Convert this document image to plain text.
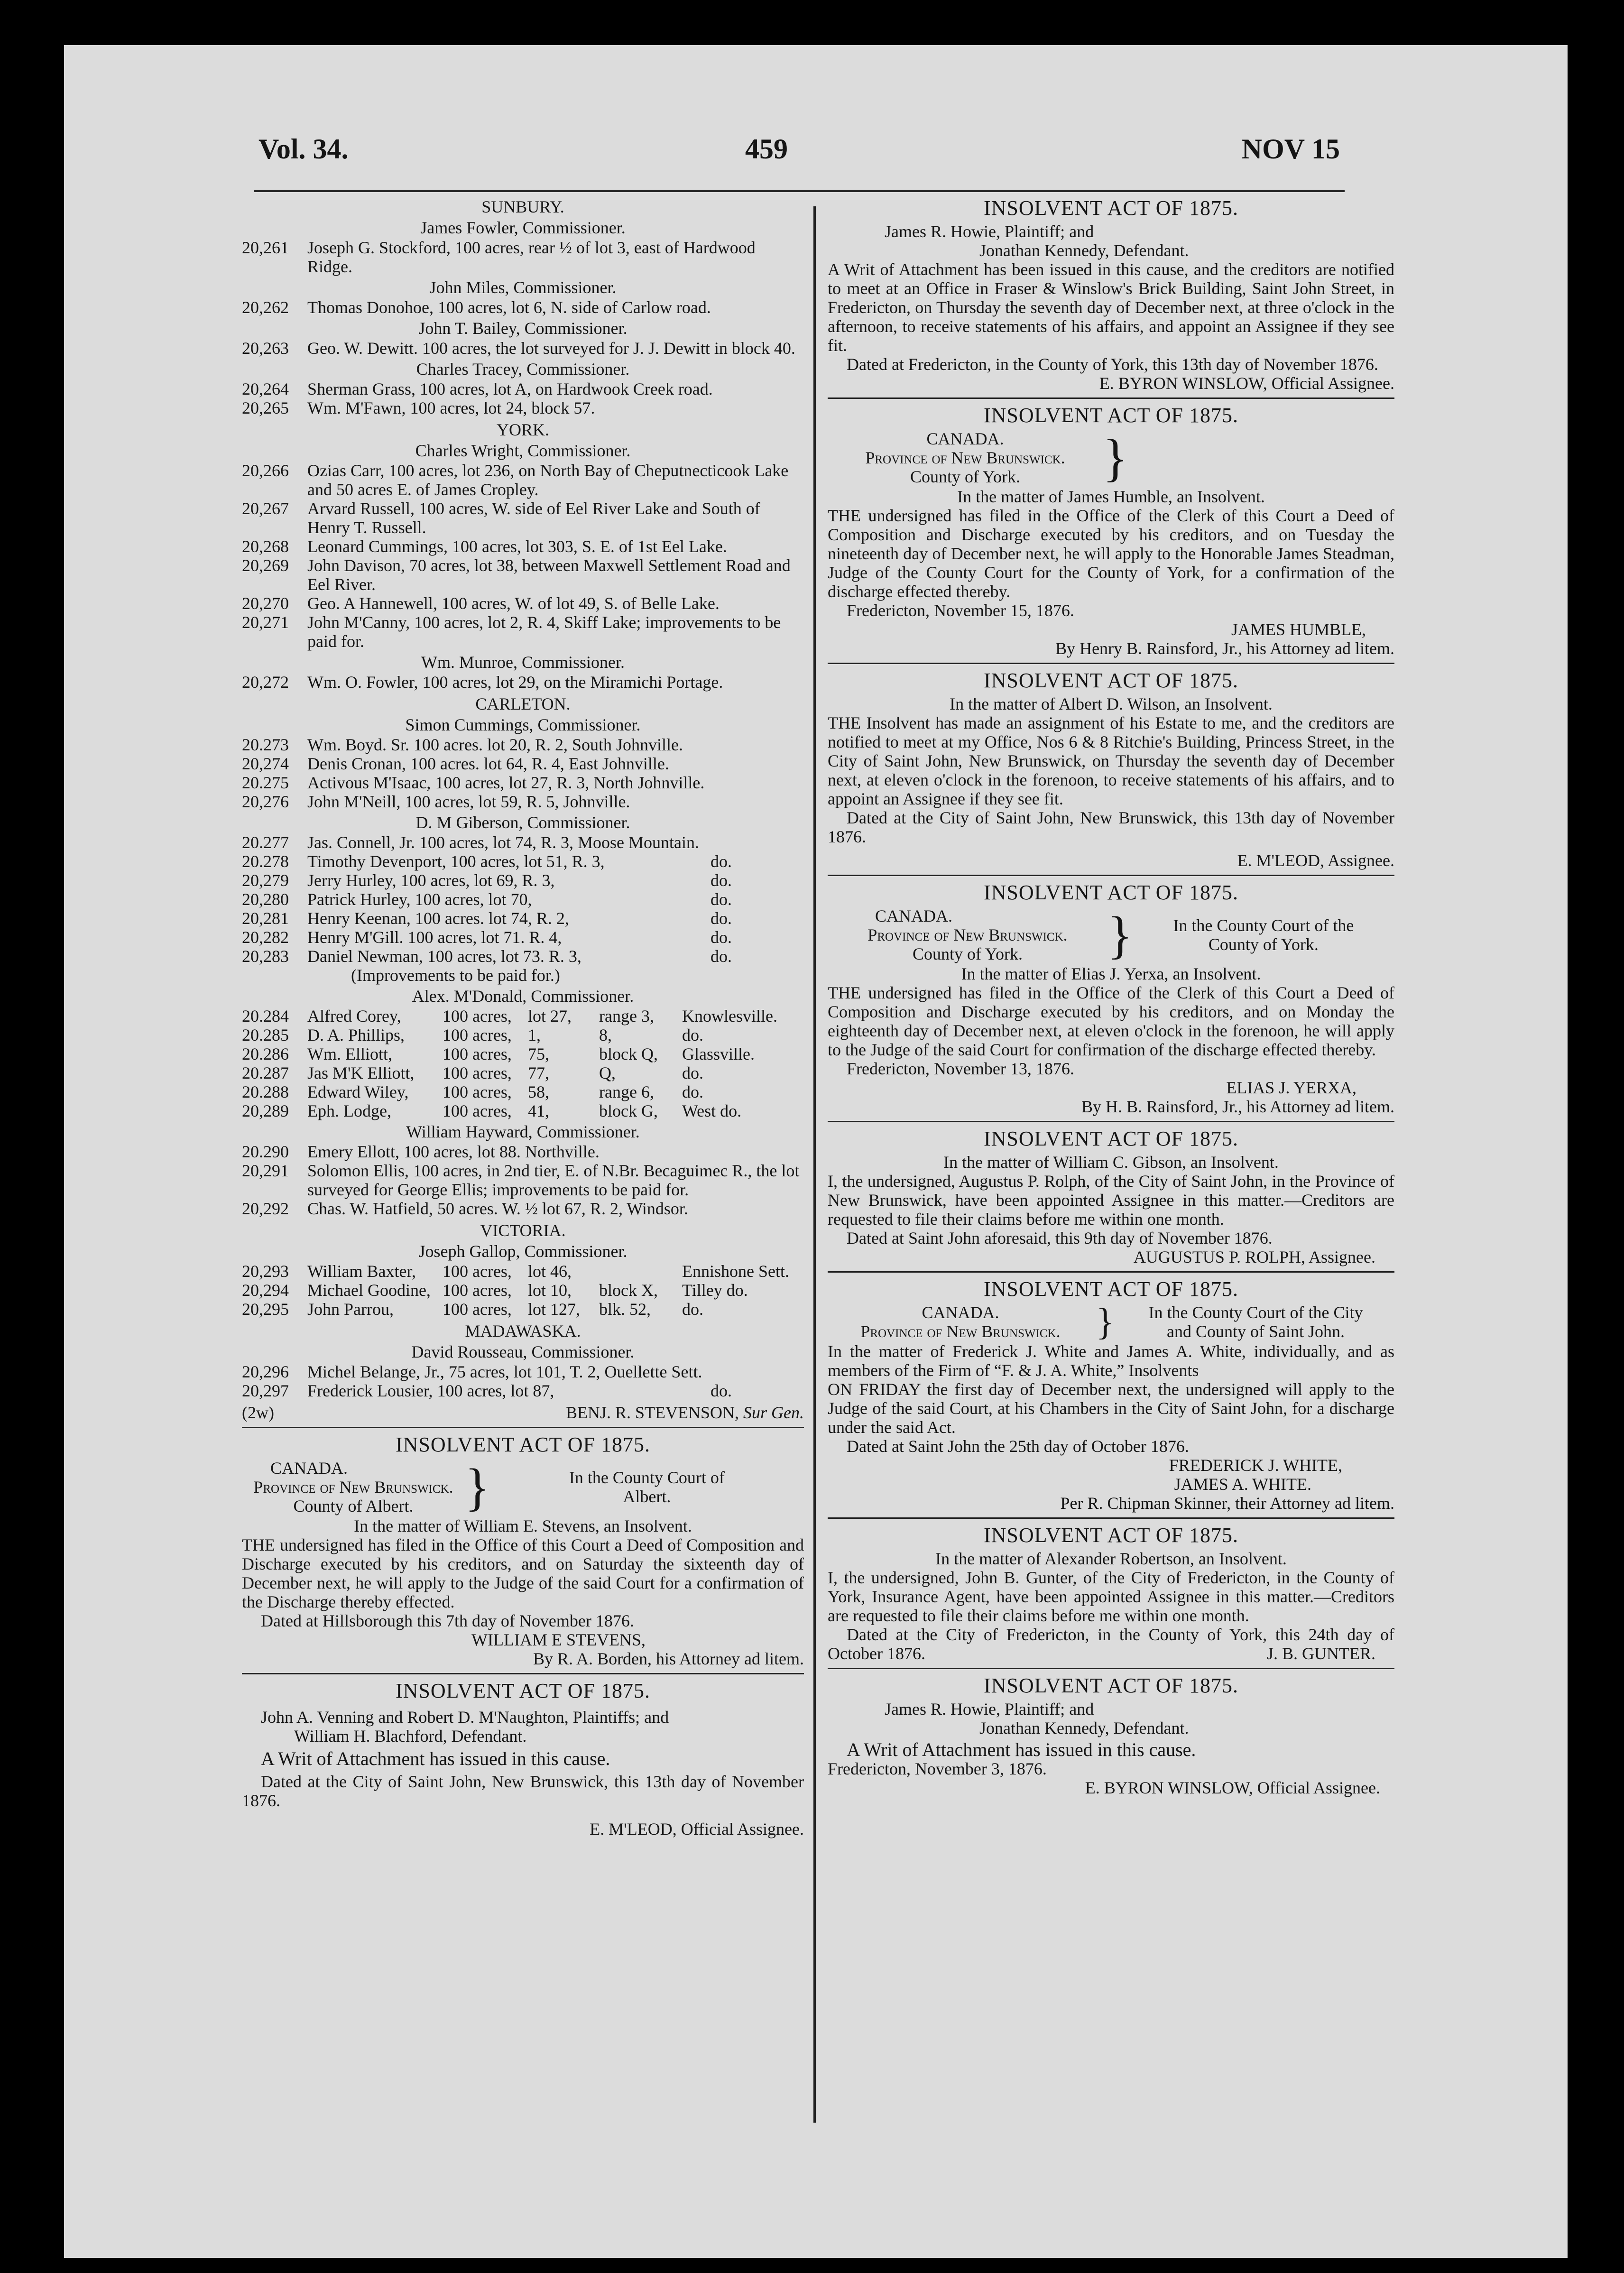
Vol. 34.	459	NOV 15
SUNBURY.
James Fowler, Commissioner.
20,261	Joseph G. Stockford, 100 acres, rear ½ of lot 3, east of Hardwood Ridge.
John Miles, Commissioner.
20,262	Thomas Donohoe, 100 acres, lot 6, N. side of Carlow road.
John T. Bailey, Commissioner.
20,263	Geo. W. Dewitt. 100 acres, the lot surveyed for J. J. Dewitt in block 40.
Charles Tracey, Commissioner.
20,264	Sherman Grass, 100 acres, lot A, on Hardwook Creek road.
20,265	Wm. M'Fawn, 100 acres, lot 24, block 57.
YORK.
Charles Wright, Commissioner.
20,266	Ozias Carr, 100 acres, lot 236, on North Bay of Cheputnecticook Lake and 50 acres E. of James Cropley.
20,267	Arvard Russell, 100 acres, W. side of Eel River Lake and South of Henry T. Russell.
20,268	Leonard Cummings, 100 acres, lot 303, S. E. of 1st Eel Lake.
20,269	John Davison, 70 acres, lot 38, between Maxwell Settlement Road and Eel River.
20,270	Geo. A Hannewell, 100 acres, W. of lot 49, S. of Belle Lake.
20,271	John M'Canny, 100 acres, lot 2, R. 4, Skiff Lake; improvements to be paid for.
Wm. Munroe, Commissioner.
20,272	Wm. O. Fowler, 100 acres, lot 29, on the Miramichi Portage.
CARLETON.
Simon Cummings, Commissioner.
20.273	Wm. Boyd. Sr. 100 acres. lot 20, R. 2, South Johnville.
20,274	Denis Cronan, 100 acres. lot 64, R. 4, East Johnville.
20.275	Activous M'Isaac, 100 acres, lot 27, R. 3, North Johnville.
20,276	John M'Neill, 100 acres, lot 59, R. 5, Johnville.
D. M Giberson, Commissioner.
20.277	Jas. Connell, Jr. 100 acres, lot 74, R. 3, Moose Mountain.
20.278	Timothy Devenport, 100 acres, lot 51, R. 3,	do.
20,279	Jerry Hurley, 100 acres, lot 69, R. 3,	do.
20,280	Patrick Hurley, 100 acres, lot 70,	do.
20,281	Henry Keenan, 100 acres. lot 74, R. 2,	do.
20,282	Henry M'Gill. 100 acres, lot 71. R. 4,	do.
20,283	Daniel Newman, 100 acres, lot 73. R. 3,	do.
(Improvements to be paid for.)
Alex. M'Donald, Commissioner.
20.284	Alfred Corey,	100 acres, lot 27,	range 3,	Knowlesville.
20.285	D. A. Phillips,	100 acres, 1,	8,	do.
20.286	Wm. Elliott,	100 acres, 75,	block Q,	Glassville.
20.287	Jas M'K Elliott,	100 acres, 77,	Q,	do.
20.288	Edward Wiley,	100 acres, 58,	range 6,	do.
20,289	Eph. Lodge,	100 acres, 41,	block G,	West do.
William Hayward, Commissioner.
20.290	Emery Ellott, 100 acres, lot 88. Northville.
20,291	Solomon Ellis, 100 acres, in 2nd tier, E. of N.Br. Becaguimec R., the lot surveyed for George Ellis; improvements to be paid for.
20,292	Chas. W. Hatfield, 50 acres. W. ½ lot 67, R. 2, Windsor.
VICTORIA.
Joseph Gallop, Commissioner.
20,293	William Baxter,	100 acres, lot 46,	Ennishone Sett.
20,294	Michael Goodine, 100 acres, lot 10,	block X,	Tilley do.
20,295	John Parrou,	100 acres, lot 127,	blk. 52,	do.
MADAWASKA.
David Rousseau, Commissioner.
20,296	Michel Belange, Jr., 75 acres, lot 101, T. 2, Ouellette Sett.
20,297	Frederick Lousier, 100 acres, lot 87,	do.
(2w)	BENJ. R. STEVENSON, Sur Gen.
INSOLVENT ACT OF 1875.
CANADA.
Province of New Brunswick.
County of Albert. }	In the County Court of
Albert.
In the matter of William E. Stevens, an Insolvent.
THE undersigned has filed in the Office of this Court a Deed of Composition and Discharge executed by his creditors, and on Saturday the sixteenth day of December next, he will apply to the Judge of the said Court for a confirmation of the Discharge thereby effected.
Dated at Hillsborough this 7th day of November 1876.
WILLIAM E STEVENS,
By R. A. Borden, his Attorney ad litem.
INSOLVENT ACT OF 1875.
John A. Venning and Robert D. M'Naughton, Plaintiffs; and
William H. Blachford, Defendant.
A Writ of Attachment has issued in this cause.
Dated at the City of Saint John, New Brunswick, this 13th day of November 1876.
E. M'LEOD, Official Assignee.
INSOLVENT ACT OF 1875.
James R. Howie, Plaintiff; and
Jonathan Kennedy, Defendant.
A Writ of Attachment has been issued in this cause, and the creditors are notified to meet at an Office in Fraser & Winslow's Brick Building, Saint John Street, in Fredericton, on Thursday the seventh day of December next, at three o'clock in the afternoon, to receive statements of his affairs, and appoint an Assignee if they see fit.
Dated at Fredericton, in the County of York, this 13th day of November 1876.
E. BYRON WINSLOW, Official Assignee.
INSOLVENT ACT OF 1875.
CANADA.
Province of New Brunswick.
County of York.	}
In the matter of James Humble, an Insolvent.
THE undersigned has filed in the Office of the Clerk of this Court a Deed of Composition and Discharge executed by his creditors, and on Tuesday the nineteenth day of December next, he will apply to the Honorable James Steadman, Judge of the County Court for the County of York, for a confirmation of the discharge effected thereby.
Fredericton, November 15, 1876.
JAMES HUMBLE,
By Henry B. Rainsford, Jr., his Attorney ad litem.
INSOLVENT ACT OF 1875.
In the matter of Albert D. Wilson, an Insolvent.
THE Insolvent has made an assignment of his Estate to me, and the creditors are notified to meet at my Office, Nos 6 & 8 Ritchie's Building, Princess Street, in the City of Saint John, New Brunswick, on Thursday the seventh day of December next, at eleven o'clock in the forenoon, to receive statements of his affairs, and to appoint an Assignee if they see fit.
Dated at the City of Saint John, New Brunswick, this 13th day of November 1876.
E. M'LEOD, Assignee.
INSOLVENT ACT OF 1875.
CANADA.
Province of New Brunswick.
County of York.	}	In the County Court of the
County of York.
In the matter of Elias J. Yerxa, an Insolvent.
THE undersigned has filed in the Office of the Clerk of this Court a Deed of Composition and Discharge executed by his creditors, and on Monday the eighteenth day of December next, at eleven o'clock in the forenoon, he will apply to the Judge of the said Court for confirmation of the discharge effected thereby.
Fredericton, November 13, 1876.
ELIAS J. YERXA,
By H. B. Rainsford, Jr., his Attorney ad litem.
INSOLVENT ACT OF 1875.
In the matter of William C. Gibson, an Insolvent.
I, the undersigned, Augustus P. Rolph, of the City of Saint John, in the Province of New Brunswick, have been appointed Assignee in this matter.—Creditors are requested to file their claims before me within one month.
Dated at Saint John aforesaid, this 9th day of November 1876.
AUGUSTUS P. ROLPH, Assignee.
INSOLVENT ACT OF 1875.
CANADA.
Province of New Brunswick. }	In the County Court of the City
and County of Saint John.
In the matter of Frederick J. White and James A. White, individually, and as members of the Firm of “F. & J. A. White,” Insolvents
ON FRIDAY the first day of December next, the undersigned will apply to the Judge of the said Court, at his Chambers in the City of Saint John, for a discharge under the said Act.
Dated at Saint John the 25th day of October 1876.
FREDERICK J. WHITE,
JAMES A. WHITE.
Per R. Chipman Skinner, their Attorney ad litem.
INSOLVENT ACT OF 1875.
In the matter of Alexander Robertson, an Insolvent.
I, the undersigned, John B. Gunter, of the City of Fredericton, in the County of York, Insurance Agent, have been appointed Assignee in this matter.—Creditors are requested to file their claims before me within one month.
Dated at the City of Fredericton, in the County of York, this 24th day of October 1876.	J. B. GUNTER.
INSOLVENT ACT OF 1875.
James R. Howie, Plaintiff; and
Jonathan Kennedy, Defendant.
A Writ of Attachment has issued in this cause.
Fredericton, November 3, 1876.
E. BYRON WINSLOW, Official Assignee.
